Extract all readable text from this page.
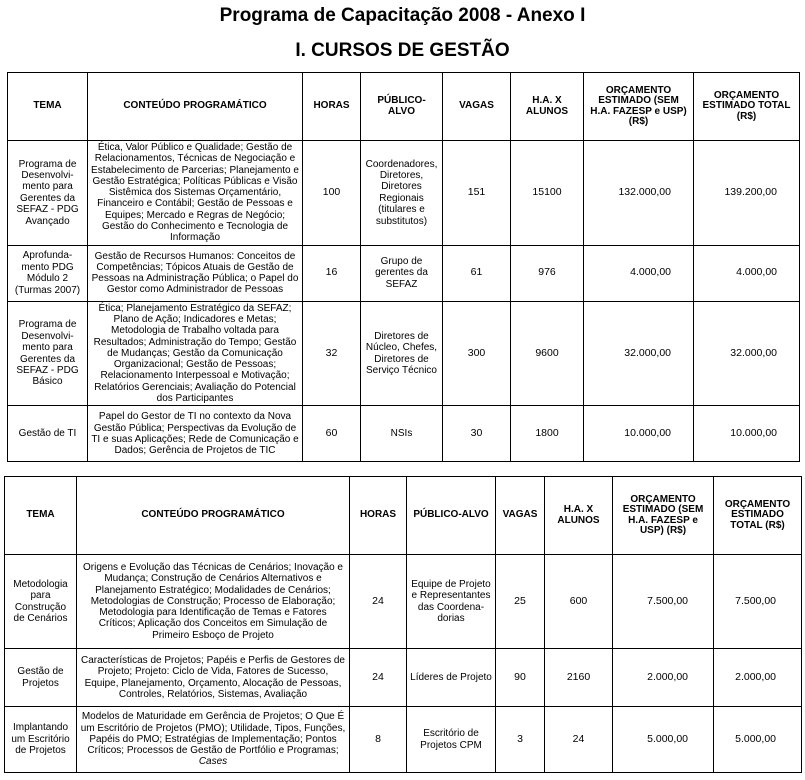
Programa de Capacitação 2008 - Anexo I
I. CURSOS DE GESTÃO
TEMA	CONTEÚDO PROGRAMÁTICO	HORAS	PÚBLICO-ALVO	VAGAS	H.A. X ALUNOS	ORÇAMENTO ESTIMADO (SEM H.A. FAZESP e USP) (R$)	ORÇAMENTO ESTIMADO TOTAL (R$)
Programa de Desenvolvi-mento para Gerentes da SEFAZ - PDG Avançado	Ética, Valor Público e Qualidade; Gestão de Relacionamentos, Técnicas de Negociação e Estabelecimento de Parcerias; Planejamento e Gestão Estratégica; Políticas Públicas e Visão Sistêmica dos Sistemas Orçamentário, Financeiro e Contábil; Gestão de Pessoas e Equipes; Mercado e Regras de Negócio; Gestão do Conhecimento e Tecnologia de Informação	100	Coordenadores, Diretores, Diretores Regionais (titulares e substitutos)	151	15100	132.000,00	139.200,00
Aprofunda-mento PDG Módulo 2 (Turmas 2007)	Gestão de Recursos Humanos: Conceitos de Competências; Tópicos Atuais de Gestão de Pessoas na Administração Pública; o Papel do Gestor como Administrador de Pessoas	16	Grupo de gerentes da SEFAZ	61	976	4.000,00	4.000,00
Programa de Desenvolvi-mento para Gerentes da SEFAZ - PDG Básico	Ética; Planejamento Estratégico da SEFAZ; Plano de Ação; Indicadores e Metas; Metodologia de Trabalho voltada para Resultados; Administração do Tempo; Gestão de Mudanças; Gestão da Comunicação Organizacional; Gestão de Pessoas; Relacionamento Interpessoal e Motivação; Relatórios Gerenciais; Avaliação do Potencial dos Participantes	32	Diretores de Núcleo, Chefes, Diretores de Serviço Técnico	300	9600	32.000,00	32.000,00
Gestão de TI	Papel do Gestor de TI no contexto da Nova Gestão Pública; Perspectivas da Evolução de TI e suas Aplicações; Rede de Comunicação e Dados; Gerência de Projetos de TIC	60	NSIs	30	1800	10.000,00	10.000,00
TEMA	CONTEÚDO PROGRAMÁTICO	HORAS	PÚBLICO-ALVO	VAGAS	H.A. X ALUNOS	ORÇAMENTO ESTIMADO (SEM H.A. FAZESP e USP) (R$)	ORÇAMENTO ESTIMADO TOTAL (R$)
Metodologia para Construção de Cenários	Origens e Evolução das Técnicas de Cenários; Inovação e Mudança; Construção de Cenários Alternativos e Planejamento Estratégico; Modalidades de Cenários; Metodologias de Construção; Processo de Elaboração; Metodologia para Identificação de Temas e Fatores Críticos; Aplicação dos Conceitos em Simulação de Primeiro Esboço de Projeto	24	Equipe de Projeto e Representantes das Coordena-dorias	25	600	7.500,00	7.500,00
Gestão de Projetos	Características de Projetos; Papéis e Perfis de Gestores de Projeto; Projeto: Ciclo de Vida, Fatores de Sucesso, Equipe, Planejamento, Orçamento, Alocação de Pessoas, Controles, Relatórios, Sistemas, Avaliação	24	Líderes de Projeto	90	2160	2.000,00	2.000,00
Implantando um Escritório de Projetos	Modelos de Maturidade em Gerência de Projetos; O Que É um Escritório de Projetos (PMO); Utilidade, Tipos, Funções, Papéis do PMO; Estratégias de Implementação; Pontos Críticos; Processos de Gestão de Portfólio e Programas; Cases	8	Escritório de Projetos CPM	3	24	5.000,00	5.000,00
